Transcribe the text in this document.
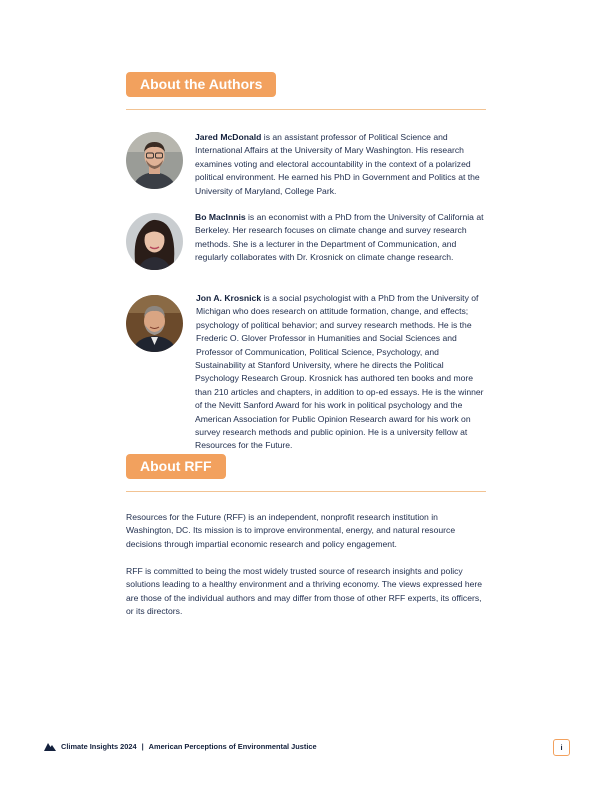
About the Authors
Jared McDonald is an assistant professor of Political Science and International Affairs at the University of Mary Washington. His research examines voting and electoral accountability in the context of a polarized political environment. He earned his PhD in Government and Politics at the University of Maryland, College Park.
Bo MacInnis is an economist with a PhD from the University of California at Berkeley. Her research focuses on climate change and survey research methods. She is a lecturer in the Department of Communication, and regularly collaborates with Dr. Krosnick on climate change research.
Jon A. Krosnick is a social psychologist with a PhD from the University of Michigan who does research on attitude formation, change, and effects; psychology of political behavior; and survey research methods. He is the Frederic O. Glover Professor in Humanities and Social Sciences and Professor of Communication, Political Science, Psychology, and Sustainability at Stanford University, where he directs the Political Psychology Research Group. Krosnick has authored ten books and more than 210 articles and chapters, in addition to op-ed essays. He is the winner of the Nevitt Sanford Award for his work in political psychology and the American Association for Public Opinion Research award for his work on survey research methods and public opinion. He is a university fellow at Resources for the Future.
About RFF
Resources for the Future (RFF) is an independent, nonprofit research institution in Washington, DC. Its mission is to improve environmental, energy, and natural resource decisions through impartial economic research and policy engagement.
RFF is committed to being the most widely trusted source of research insights and policy solutions leading to a healthy environment and a thriving economy. The views expressed here are those of the individual authors and may differ from those of other RFF experts, its officers, or its directors.
Climate Insights 2024 | American Perceptions of Environmental Justice	i
